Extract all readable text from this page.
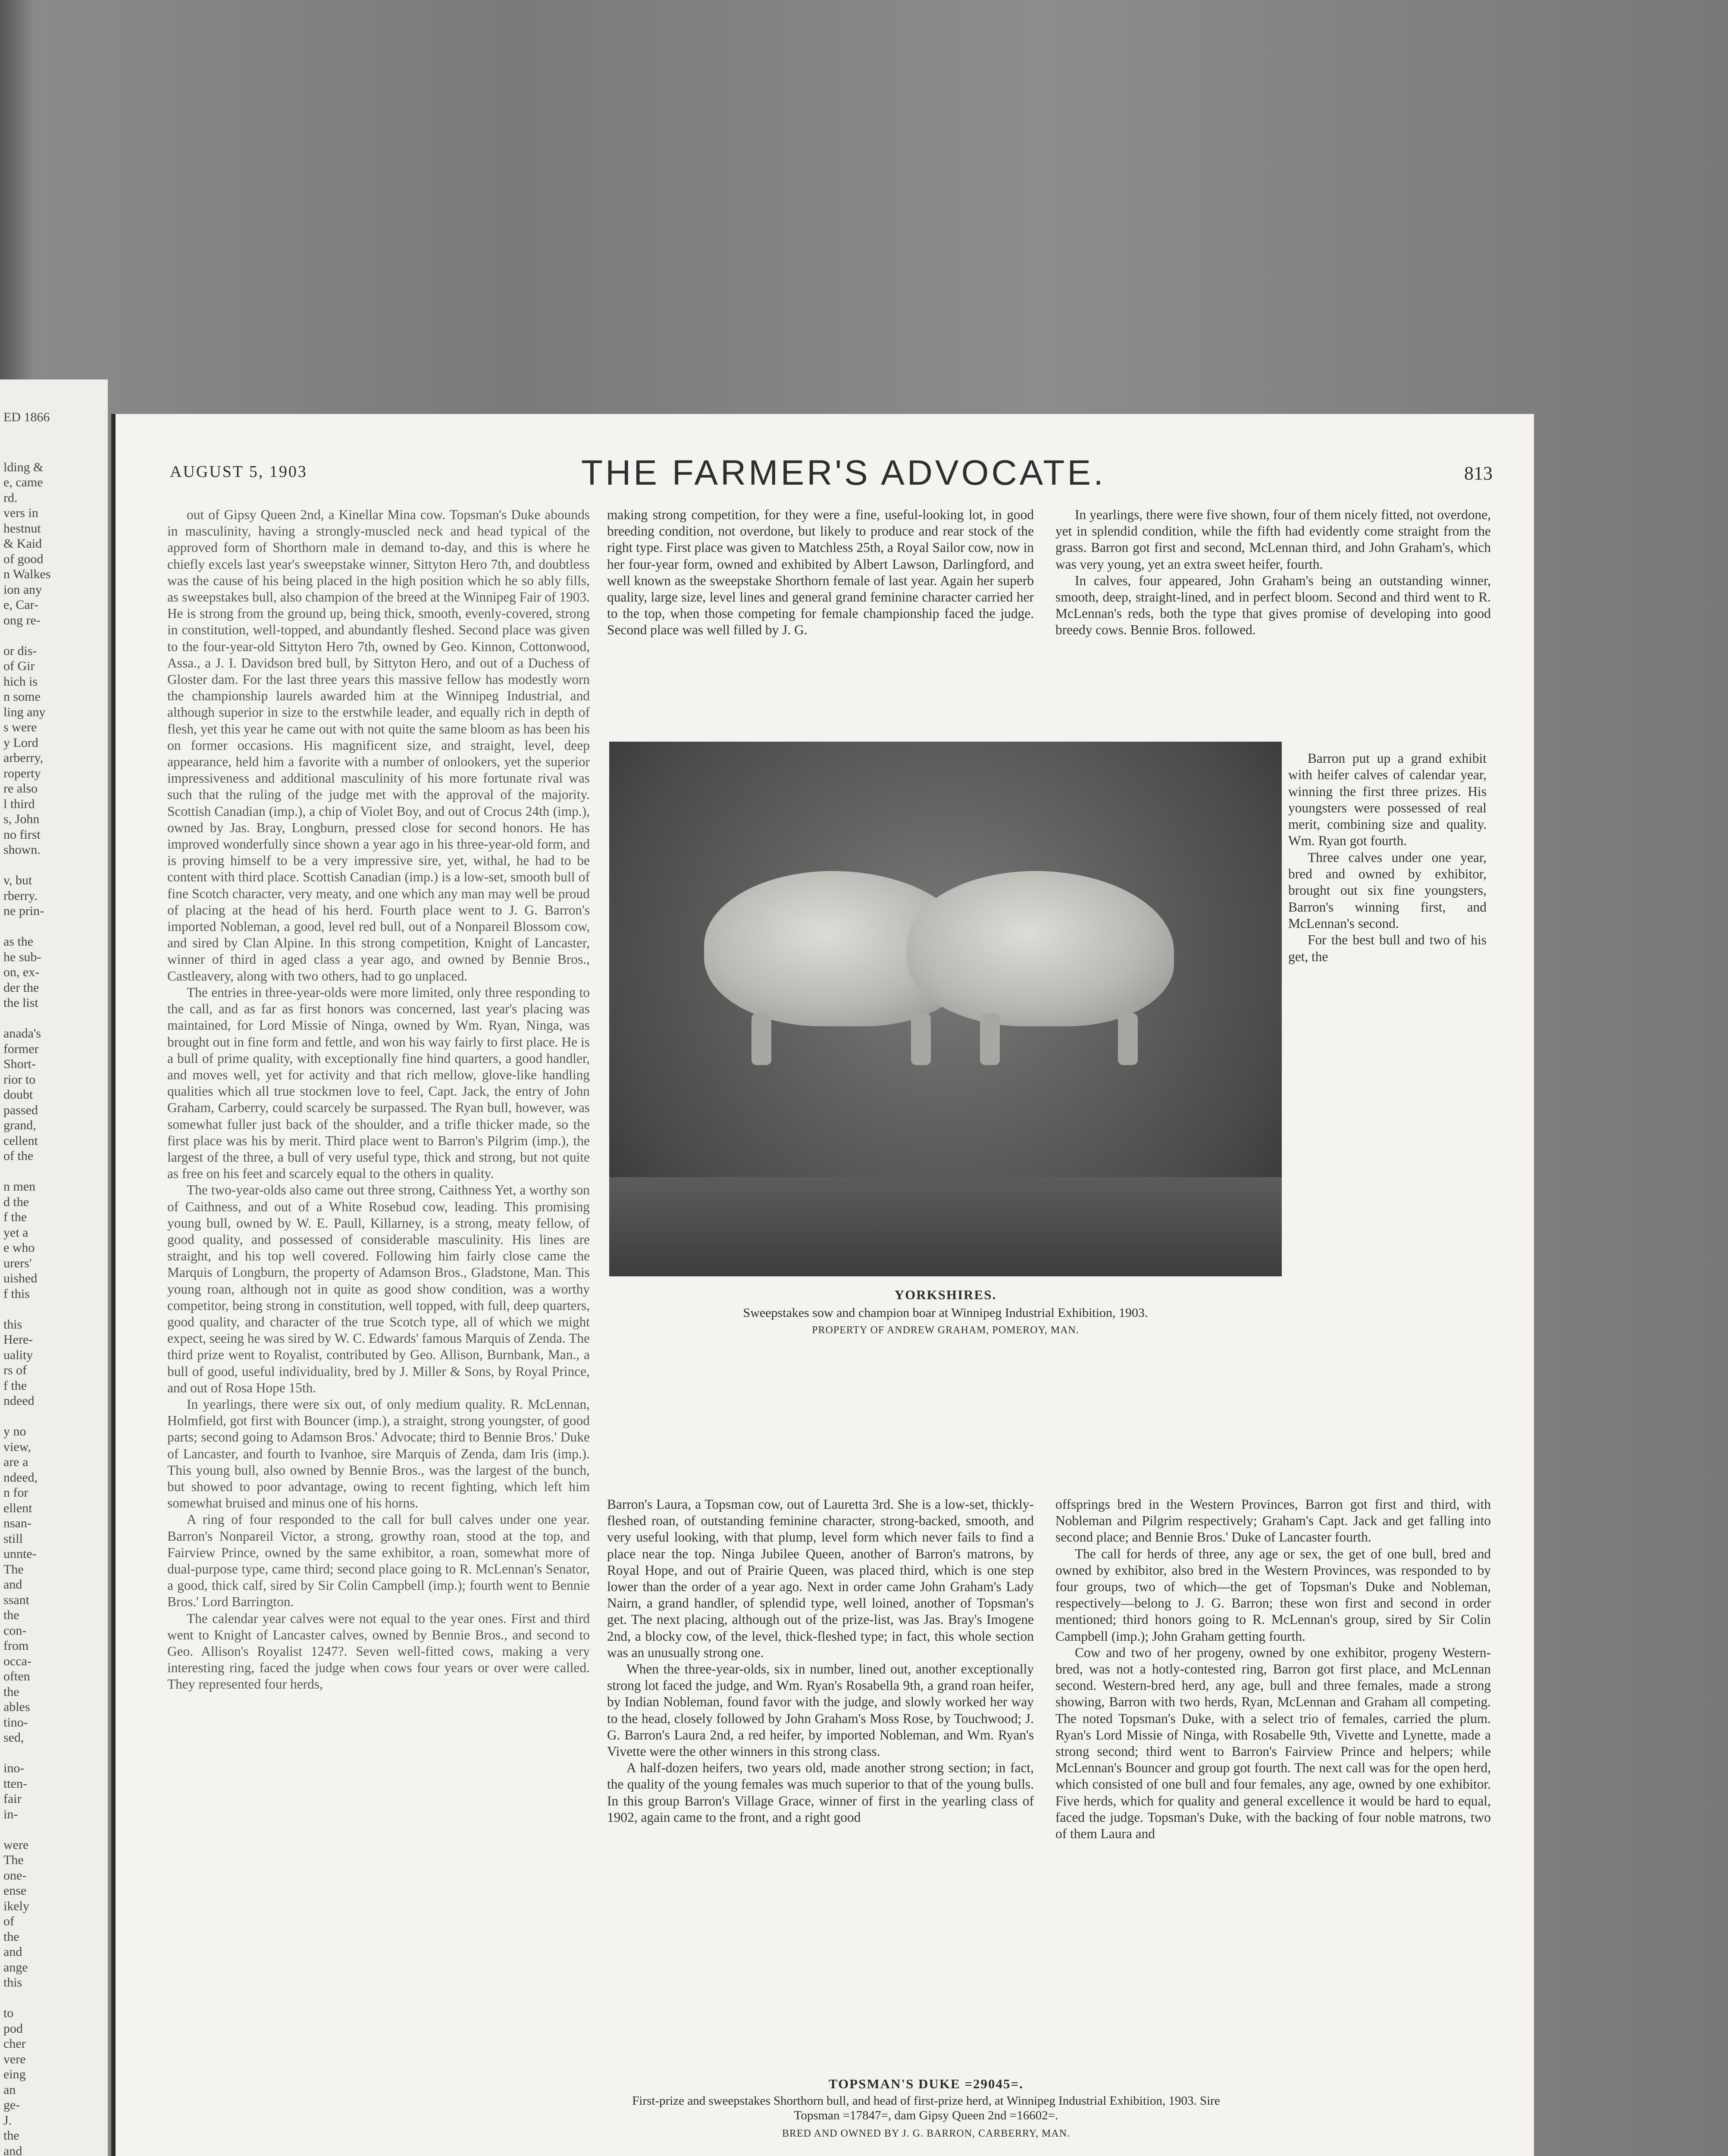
ED 1866
lding &
e, came
rd.
vers in
hestnut
& Kaid
of good
n Walkes
ion any
e, Car-
ong re-

or dis-
of Gir
hich is
n some
ling any
s were
y Lord
arberry,
roperty
re also
l third
s, John
no first
shown.

v, but
rberry.
ne prin-

as the
he sub-
on, ex-
der the
the list

anada's
former
Short-
rior to
doubt
passed
grand,
cellent
of the

n men
d the
f the
yet a
e who
urers'
uished
f this

this
Here-
uality
rs of
f the
ndeed

y no
view,
are a
ndeed,
n for
ellent
nsan-
still
unnte-
The
and
ssant
the
con-
from
occa-
often
the
ables
tino-
sed,

ino-
tten-
fair
in-

were
The
one-
ense
ikely
of
the
and
ange
this

to
pod
cher
vere
eing
an
ge-
J.
the
and
AUGUST 5, 1903	THE FARMER'S ADVOCATE.	813

out of Gipsy Queen 2nd, a Kinellar Mina cow. Topsman's Duke abounds in masculinity, having a strongly-muscled neck and head typical of the approved form of Shorthorn male in demand to-day, and this is where he chiefly excels last year's sweepstake winner, Sittyton Hero 7th, and doubtless was the cause of his being placed in the high position which he so ably fills, as sweepstakes bull, also champion of the breed at the Winnipeg Fair of 1903. He is strong from the ground up, being thick, smooth, evenly-covered, strong in constitution, well-topped, and abundantly fleshed. Second place was given to the four-year-old Sittyton Hero 7th, owned by Geo. Kinnon, Cottonwood, Assa., a J. I. Davidson bred bull, by Sittyton Hero, and out of a Duchess of Gloster dam. For the last three years this massive fellow has modestly worn the championship laurels awarded him at the Winnipeg Industrial, and although superior in size to the erstwhile leader, and equally rich in depth of flesh, yet this year he came out with not quite the same bloom as has been his on former occasions. His magnificent size, and straight, level, deep appearance, held him a favorite with a number of onlookers, yet the superior impressiveness and additional masculinity of his more fortunate rival was such that the ruling of the judge met with the approval of the majority. Scottish Canadian (imp.), a chip of Violet Boy, and out of Crocus 24th (imp.), owned by Jas. Bray, Longburn, pressed close for second honors. He has improved wonderfully since shown a year ago in his three-year-old form, and is proving himself to be a very impressive sire, yet, withal, he had to be content with third place. Scottish Canadian (imp.) is a low-set, smooth bull of fine Scotch character, very meaty, and one which any man may well be proud of placing at the head of his herd. Fourth place went to J. G. Barron's imported Nobleman, a good, level red bull, out of a Nonpareil Blossom cow, and sired by Clan Alpine. In this strong competition, Knight of Lancaster, winner of third in aged class a year ago, and owned by Bennie Bros., Castleavery, along with two others, had to go unplaced.

The entries in three-year-olds were more limited, only three responding to the call, and as far as first honors was concerned, last year's placing was maintained, for Lord Missie of Ninga, owned by Wm. Ryan, Ninga, was brought out in fine form and fettle, and won his way fairly to first place. He is a bull of prime quality, with exceptionally fine hind quarters, a good handler, and moves well, yet for activity and that rich mellow, glove-like handling qualities which all true stockmen love to feel, Capt. Jack, the entry of John Graham, Carberry, could scarcely be surpassed. The Ryan bull, however, was somewhat fuller just back of the shoulder, and a trifle thicker made, so the first place was his by merit. Third place went to Barron's Pilgrim (imp.), the largest of the three, a bull of very useful type, thick and strong, but not quite as free on his feet and scarcely equal to the others in quality.

The two-year-olds also came out three strong, Caithness Yet, a worthy son of Caithness, and out of a White Rosebud cow, leading. This promising young bull, owned by W. E. Paull, Killarney, is a strong, meaty fellow, of good quality, and possessed of considerable masculinity. His lines are straight, and his top well covered. Following him fairly close came the Marquis of Longburn, the property of Adamson Bros., Gladstone, Man. This young roan, although not in quite as good show condition, was a worthy competitor, being strong in constitution, well topped, with full, deep quarters, good quality, and character of the true Scotch type, all of which we might expect, seeing he was sired by W. C. Edwards' famous Marquis of Zenda. The third prize went to Royalist, contributed by Geo. Allison, Burnbank, Man., a bull of good, useful individuality, bred by J. Miller & Sons, by Royal Prince, and out of Rosa Hope 15th.

In yearlings, there were six out, of only medium quality. R. McLennan, Holmfield, got first with Bouncer (imp.), a straight, strong youngster, of good parts; second going to Adamson Bros.' Advocate; third to Bennie Bros.' Duke of Lancaster, and fourth to Ivanhoe, sire Marquis of Zenda, dam Iris (imp.). This young bull, also owned by Bennie Bros., was the largest of the bunch, but showed to poor advantage, owing to recent fighting, which left him somewhat bruised and minus one of his horns.

A ring of four responded to the call for bull calves under one year. Barron's Nonpareil Victor, a strong, growthy roan, stood at the top, and Fairview Prince, owned by the same exhibitor, a roan, somewhat more of dual-purpose type, came third; second place going to R. McLennan's Senator, a good, thick calf, sired by Sir Colin Campbell (imp.); fourth went to Bennie Bros.' Lord Barrington.

The calendar year calves were not equal to the year ones. First and third went to Knight of Lancaster calves, owned by Bennie Bros., and second to Geo. Allison's Royalist 1247?. Seven well-fitted cows, making a very interesting ring, faced the judge when cows four years or over were called. They represented four herds,

making strong competition, for they were a fine, useful-looking lot, in good breeding condition, not overdone, but likely to produce and rear stock of the right type. First place was given to Matchless 25th, a Royal Sailor cow, now in her four-year form, owned and exhibited by Albert Lawson, Darlingford, and well known as the sweepstake Shorthorn female of last year. Again her superb quality, large size, level lines and general grand feminine character carried her to the top, when those competing for female championship faced the judge. Second place was well filled by J. G.

In yearlings, there were five shown, four of them nicely fitted, not overdone, yet in splendid condition, while the fifth had evidently come straight from the grass. Barron got first and second, McLennan third, and John Graham's, which was very young, yet an extra sweet heifer, fourth.

In calves, four appeared, John Graham's being an outstanding winner, smooth, deep, straight-lined, and in perfect bloom. Second and third went to R. McLennan's reds, both the type that gives promise of developing into good breedy cows. Bennie Bros. followed.

Barron put up a grand exhibit with heifer calves of calendar year, winning the first three prizes. His youngsters were possessed of real merit, combining size and quality. Wm. Ryan got fourth.

Three calves under one year, bred and owned by exhibitor, brought out six fine youngsters, Barron's winning first, and McLennan's second.

For the best bull and two of his get, the

YORKSHIRES.
Sweepstakes sow and champion boar at Winnipeg Industrial Exhibition, 1903.
PROPERTY OF ANDREW GRAHAM, POMEROY, MAN.

Barron's Laura, a Topsman cow, out of Lauretta 3rd. She is a low-set, thickly-fleshed roan, of outstanding feminine character, strong-backed, smooth, and very useful looking, with that plump, level form which never fails to find a place near the top. Ninga Jubilee Queen, another of Barron's matrons, by Royal Hope, and out of Prairie Queen, was placed third, which is one step lower than the order of a year ago. Next in order came John Graham's Lady Nairn, a grand handler, of splendid type, well loined, another of Topsman's get. The next placing, although out of the prize-list, was Jas. Bray's Imogene 2nd, a blocky cow, of the level, thick-fleshed type; in fact, this whole section was an unusually strong one.

When the three-year-olds, six in number, lined out, another exceptionally strong lot faced the judge, and Wm. Ryan's Rosabella 9th, a grand roan heifer, by Indian Nobleman, found favor with the judge, and slowly worked her way to the head, closely followed by John Graham's Moss Rose, by Touchwood; J. G. Barron's Laura 2nd, a red heifer, by imported Nobleman, and Wm. Ryan's Vivette were the other winners in this strong class.

A half-dozen heifers, two years old, made another strong section; in fact, the quality of the young females was much superior to that of the young bulls. In this group Barron's Village Grace, winner of first in the yearling class of 1902, again came to the front, and a right good

offsprings bred in the Western Provinces, Barron got first and third, with Nobleman and Pilgrim respectively; Graham's Capt. Jack and get falling into second place; and Bennie Bros.' Duke of Lancaster fourth.

The call for herds of three, any age or sex, the get of one bull, bred and owned by exhibitor, also bred in the Western Provinces, was responded to by four groups, two of which—the get of Topsman's Duke and Nobleman, respectively—belong to J. G. Barron; these won first and second in order mentioned; third honors going to R. McLennan's group, sired by Sir Colin Campbell (imp.); John Graham getting fourth.

Cow and two of her progeny, owned by one exhibitor, progeny Western-bred, was not a hotly-contested ring, Barron got first place, and McLennan second. Western-bred herd, any age, bull and three females, made a strong showing, Barron with two herds, Ryan, McLennan and Graham all competing. The noted Topsman's Duke, with a select trio of females, carried the plum. Ryan's Lord Missie of Ninga, with Rosabelle 9th, Vivette and Lynette, made a strong second; third went to Barron's Fairview Prince and helpers; while McLennan's Bouncer and group got fourth. The next call was for the open herd, which consisted of one bull and four females, any age, owned by one exhibitor. Five herds, which for quality and general excellence it would be hard to equal, faced the judge. Topsman's Duke, with the backing of four noble matrons, two of them Laura and

TOPSMAN'S DUKE =29045=.
First-prize and sweepstakes Shorthorn bull, and head of first-prize herd, at Winnipeg Industrial Exhibition, 1903. Sire Topsman =17847=, dam Gipsy Queen 2nd =16602=.
BRED AND OWNED BY J. G. BARRON, CARBERRY, MAN.
